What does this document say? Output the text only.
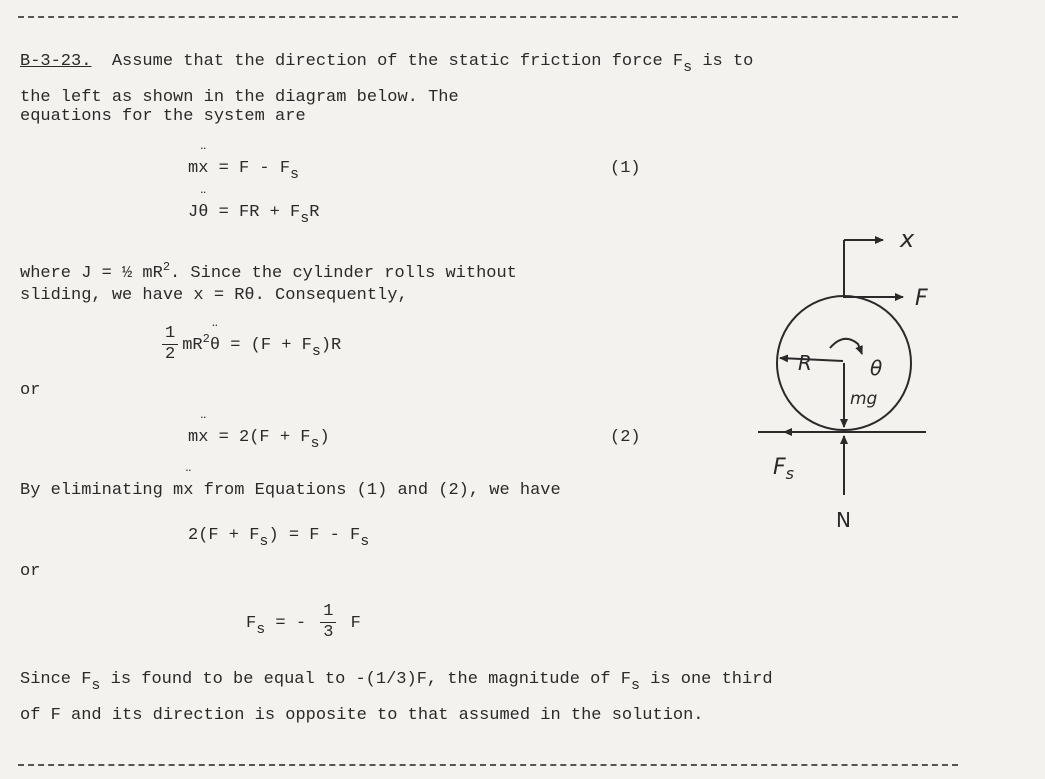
B-3-23. Assume that the direction of the static friction force $F_s$ is to
the left as shown in the diagram below. The
equations for the system are
m¨ $x = F - F_s$	(1)
J¨ θ = FR + $F_sR$
where J = ½ $mR^2$. Since the cylinder rolls without
sliding, we have x = Rθ. Consequently,
$\frac{1}{2}$ $mR^2¨$ $\theta = (F + F_s)R$
or
m¨ $x = 2(F + F_s)$	(2)
By eliminating m¨ x from Equations (1) and (2), we have
$2(F + F_s) = F - F_s$
or
$F_s$ = - $\frac{1}{3}$ F
Since $F_s$ is found to be equal to -(1/3)F, the magnitude of $F_s$ is one third
of F and its direction is opposite to that assumed in the solution.
x
F
R	θ
mg
$F_s$
N
